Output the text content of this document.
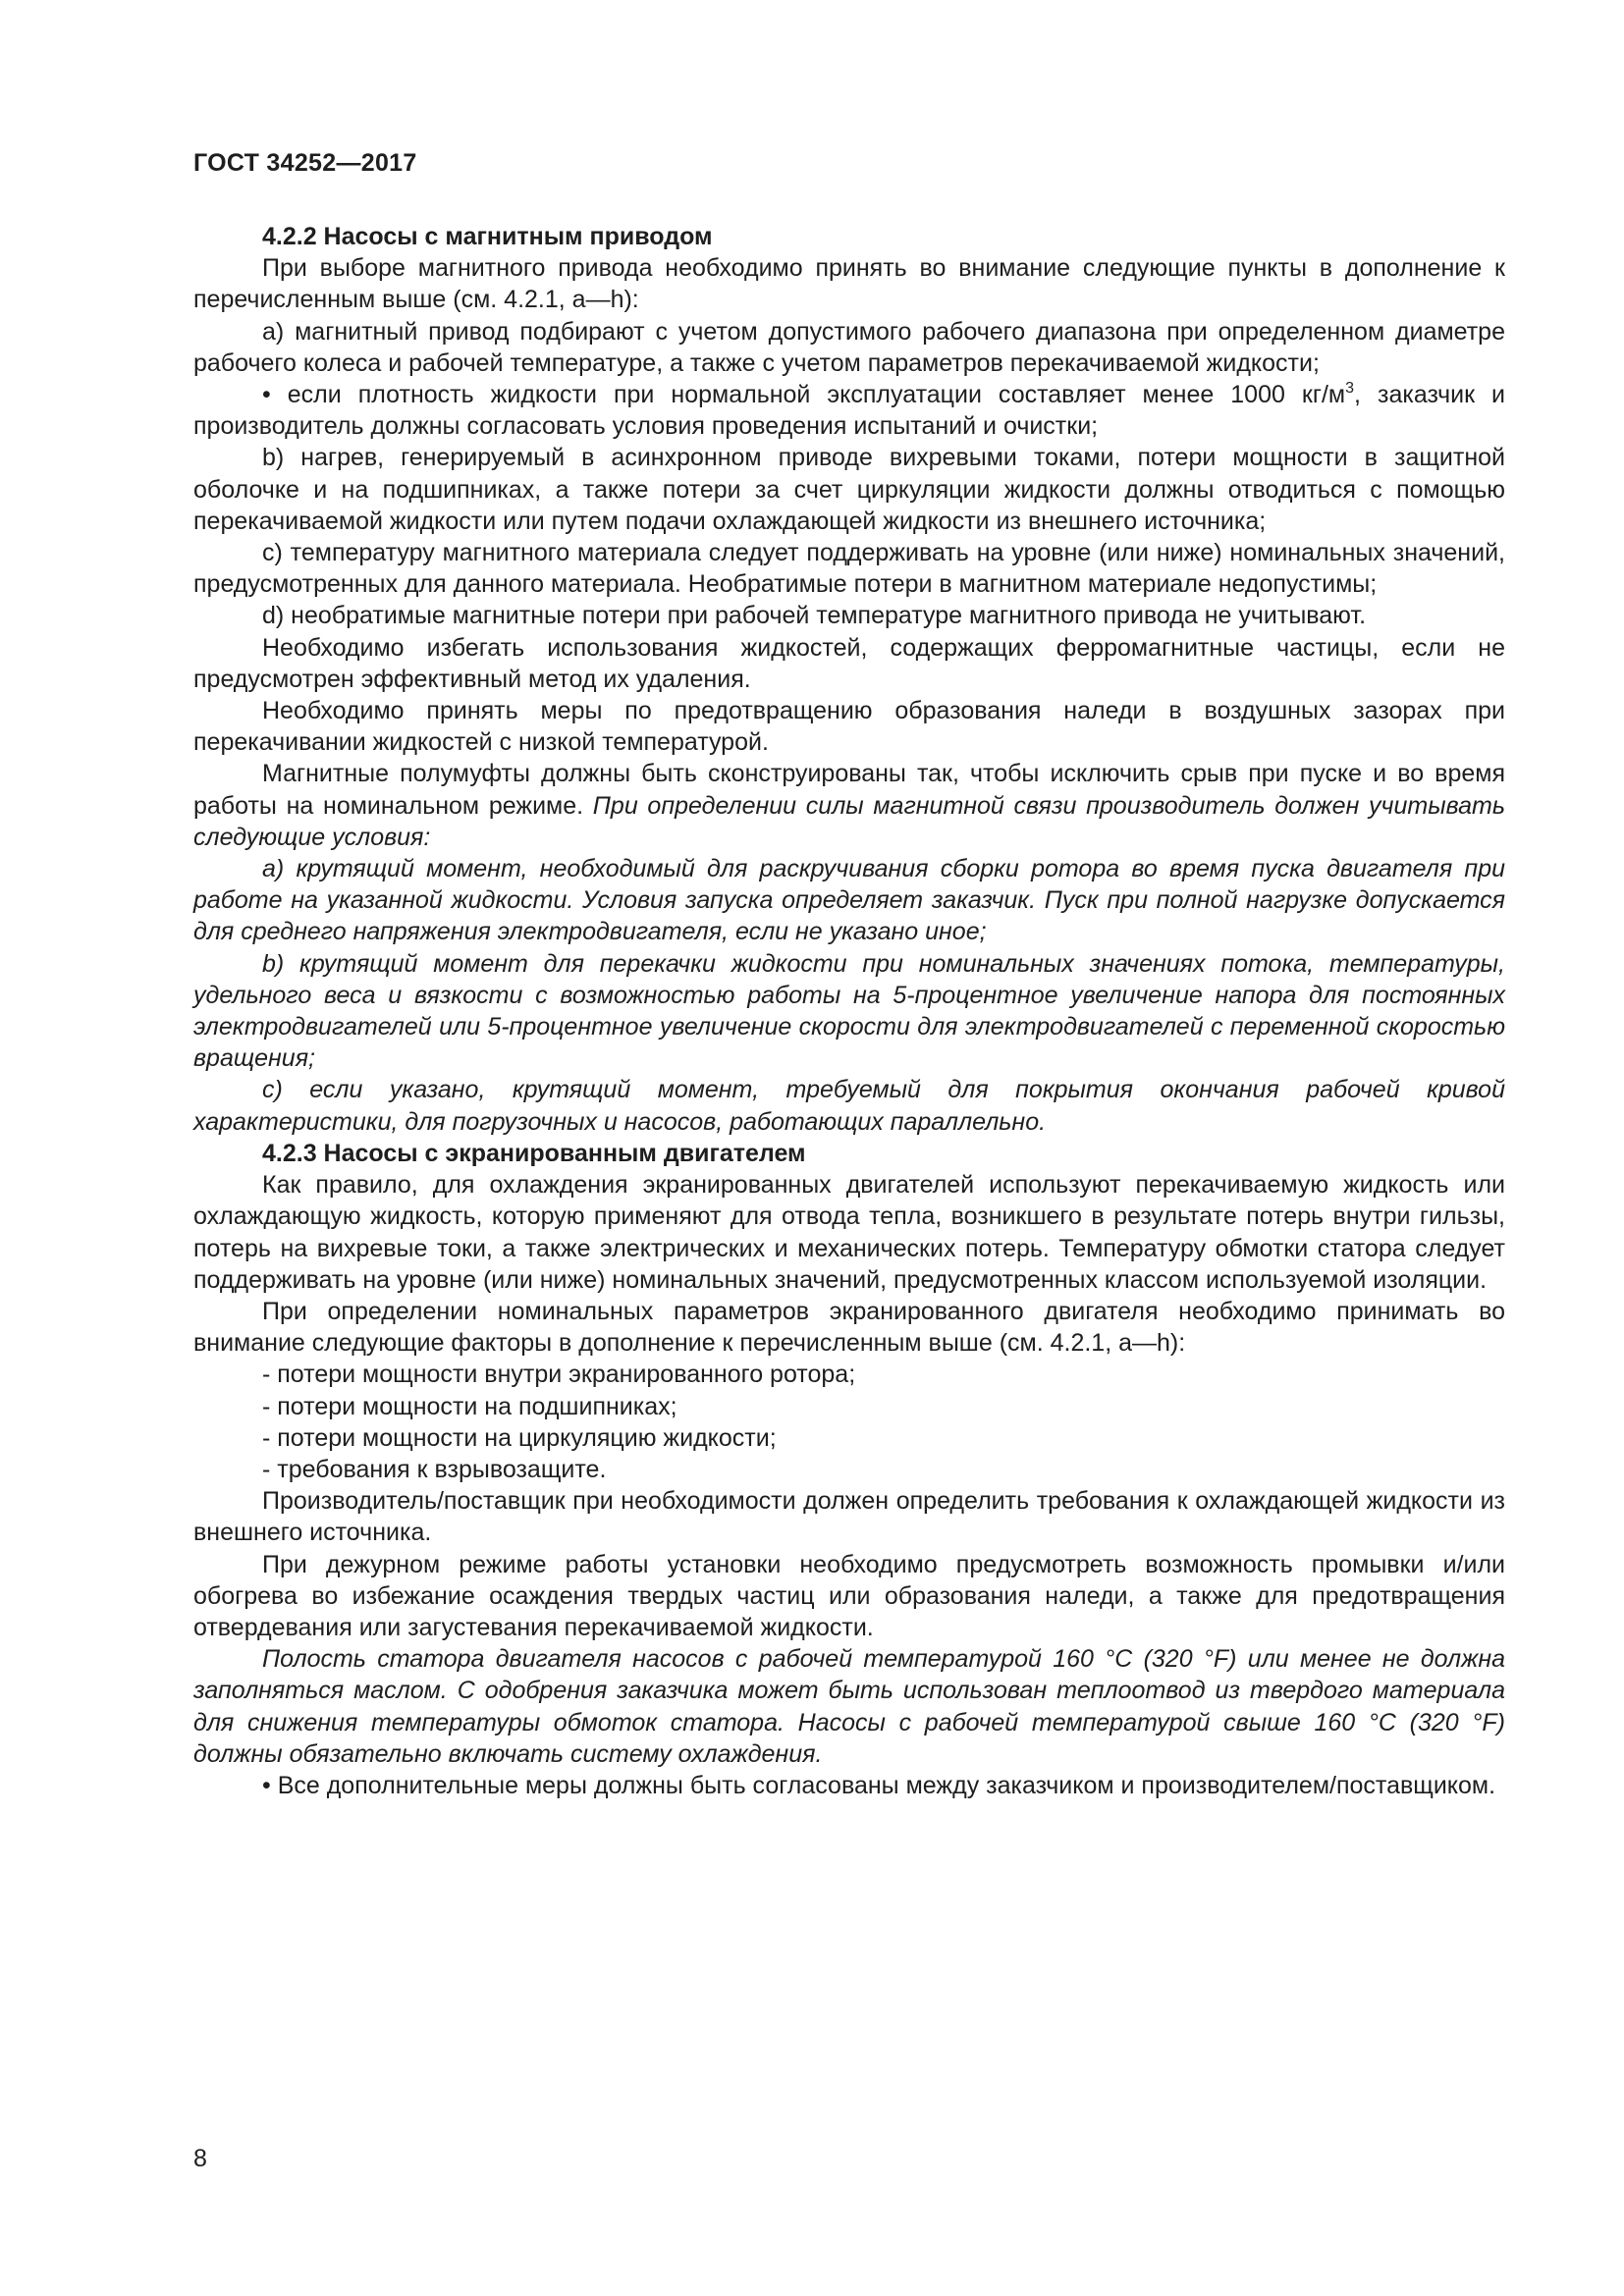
ГОСТ 34252—2017

4.2.2 Насосы с магнитным приводом

При выборе магнитного привода необходимо принять во внимание следующие пункты в дополнение к перечисленным выше (см. 4.2.1, a—h):

a) магнитный привод подбирают с учетом допустимого рабочего диапазона при определенном диаметре рабочего колеса и рабочей температуре, а также с учетом параметров перекачиваемой жидкости;

• если плотность жидкости при нормальной эксплуатации составляет менее 1000 $кг/м^3$, заказчик и производитель должны согласовать условия проведения испытаний и очистки;

b) нагрев, генерируемый в асинхронном приводе вихревыми токами, потери мощности в защитной оболочке и на подшипниках, а также потери за счет циркуляции жидкости должны отводиться с помощью перекачиваемой жидкости или путем подачи охлаждающей жидкости из внешнего источника;

c) температуру магнитного материала следует поддерживать на уровне (или ниже) номинальных значений, предусмотренных для данного материала. Необратимые потери в магнитном материале недопустимы;

d) необратимые магнитные потери при рабочей температуре магнитного привода не учитывают.

Необходимо избегать использования жидкостей, содержащих ферромагнитные частицы, если не предусмотрен эффективный метод их удаления.

Необходимо принять меры по предотвращению образования наледи в воздушных зазорах при перекачивании жидкостей с низкой температурой.

Магнитные полумуфты должны быть сконструированы так, чтобы исключить срыв при пуске и во время работы на номинальном режиме. При определении силы магнитной связи производитель должен учитывать следующие условия:

a) крутящий момент, необходимый для раскручивания сборки ротора во время пуска двигателя при работе на указанной жидкости. Условия запуска определяет заказчик. Пуск при полной нагрузке допускается для среднего напряжения электродвигателя, если не указано иное;

b) крутящий момент для перекачки жидкости при номинальных значениях потока, температуры, удельного веса и вязкости с возможностью работы на 5-процентное увеличение напора для постоянных электродвигателей или 5-процентное увеличение скорости для электродвигателей с переменной скоростью вращения;

c) если указано, крутящий момент, требуемый для покрытия окончания рабочей кривой характеристики, для погрузочных и насосов, работающих параллельно.

4.2.3 Насосы с экранированным двигателем

Как правило, для охлаждения экранированных двигателей используют перекачиваемую жидкость или охлаждающую жидкость, которую применяют для отвода тепла, возникшего в результате потерь внутри гильзы, потерь на вихревые токи, а также электрических и механических потерь. Температуру обмотки статора следует поддерживать на уровне (или ниже) номинальных значений, предусмотренных классом используемой изоляции.

При определении номинальных параметров экранированного двигателя необходимо принимать во внимание следующие факторы в дополнение к перечисленным выше (см. 4.2.1, a—h):

- потери мощности внутри экранированного ротора;

- потери мощности на подшипниках;

- потери мощности на циркуляцию жидкости;

- требования к взрывозащите.

Производитель/поставщик при необходимости должен определить требования к охлаждающей жидкости из внешнего источника.

При дежурном режиме работы установки необходимо предусмотреть возможность промывки и/или обогрева во избежание осаждения твердых частиц или образования наледи, а также для предотвращения отвердевания или загустевания перекачиваемой жидкости.

Полость статора двигателя насосов с рабочей температурой 160 °C (320 °F) или менее не должна заполняться маслом. С одобрения заказчика может быть использован теплоотвод из твердого материала для снижения температуры обмоток статора. Насосы с рабочей температурой свыше 160 °C (320 °F) должны обязательно включать систему охлаждения.

• Все дополнительные меры должны быть согласованы между заказчиком и производителем/поставщиком.

8
